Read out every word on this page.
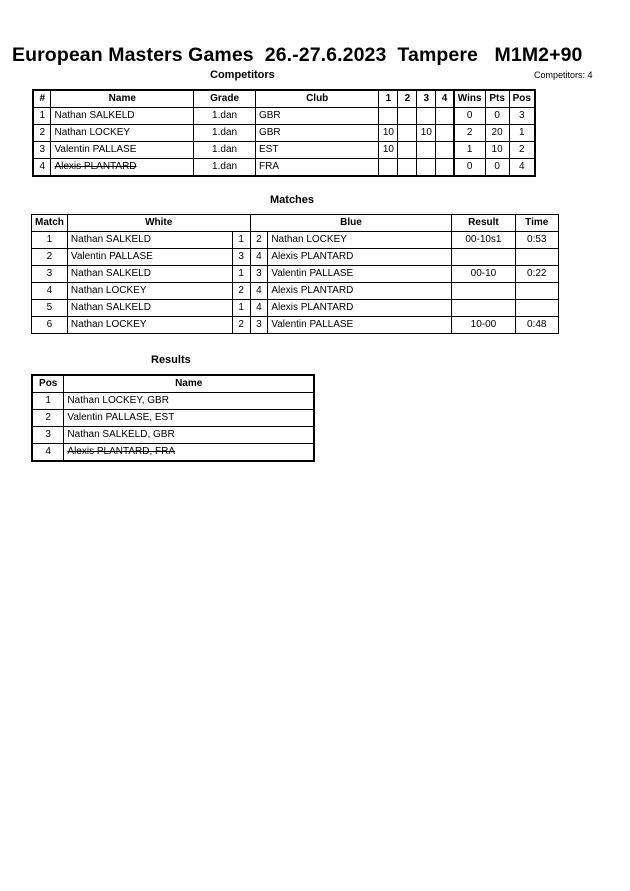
European Masters Games  26.-27.6.2023  Tampere   M1M2+90
Competitors	Competitors: 4
#	Name	Grade	Club	1	2	3	4	Wins	Pts	Pos
1	Nathan SALKELD	1.dan	GBR					0	0	3
2	Nathan LOCKEY	1.dan	GBR	10		10		2	20	1
3	Valentin PALLASE	1.dan	EST	10				1	10	2
4	Alexis PLANTARD	1.dan	FRA					0	0	4
Matches
Match	White		Blue		Result	Time
1	Nathan SALKELD	1	2	Nathan LOCKEY	00-10s1	0:53
2	Valentin PALLASE	3	4	Alexis PLANTARD		
3	Nathan SALKELD	1	3	Valentin PALLASE	00-10	0:22
4	Nathan LOCKEY	2	4	Alexis PLANTARD		
5	Nathan SALKELD	1	4	Alexis PLANTARD		
6	Nathan LOCKEY	2	3	Valentin PALLASE	10-00	0:48
Results
Pos	Name
1	Nathan LOCKEY, GBR
2	Valentin PALLASE, EST
3	Nathan SALKELD, GBR
4	Alexis PLANTARD, FRA
